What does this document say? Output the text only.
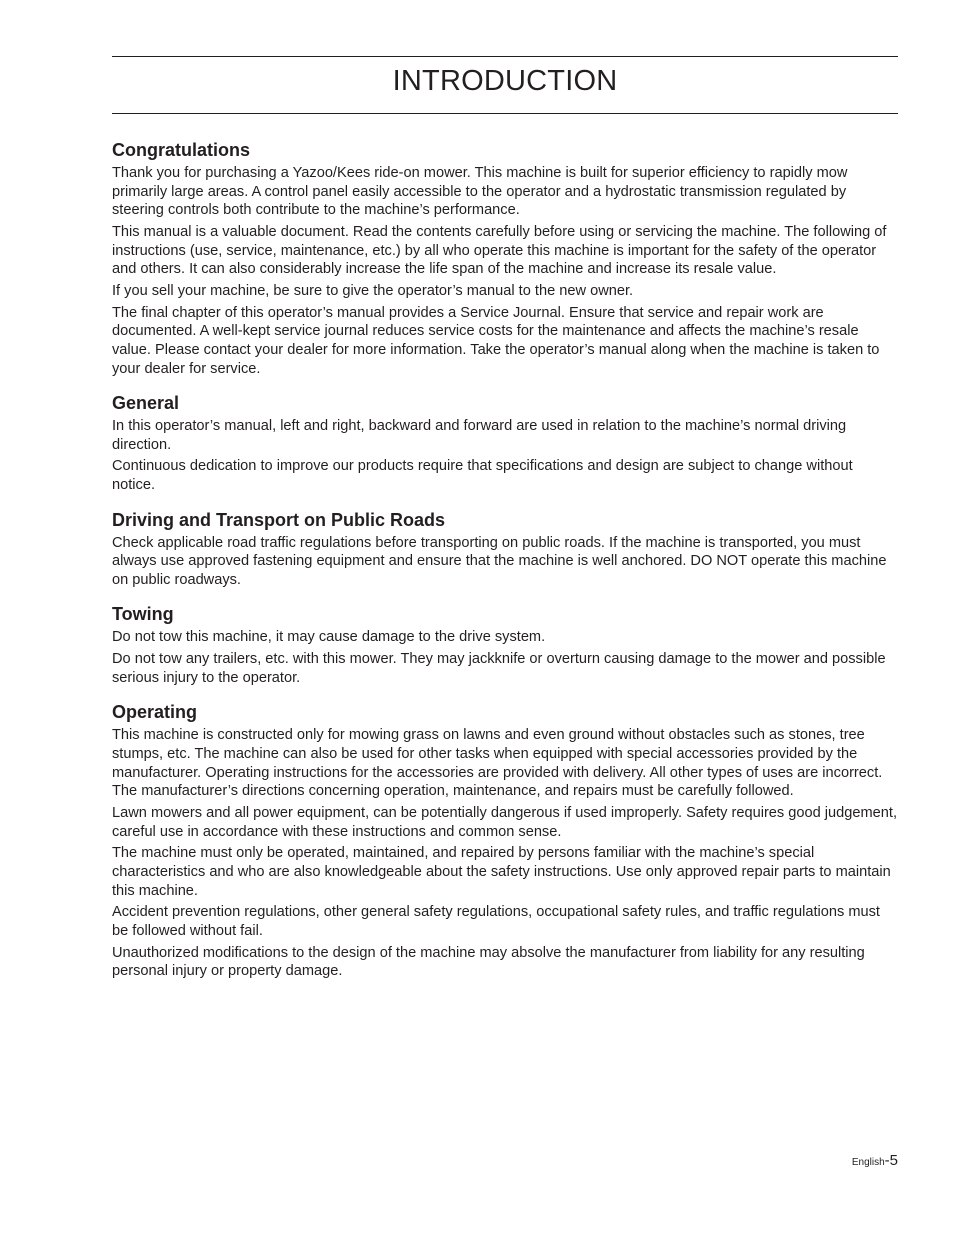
INTRODUCTION
Congratulations

Thank you for purchasing a Yazoo/Kees ride-on mower. This machine is built for superior efficiency to rapidly mow primarily large areas. A control panel easily accessible to the operator and a hydrostatic transmission regulated by steering controls both contribute to the machine’s performance.

This manual is a valuable document. Read the contents carefully before using or servicing the machine. The following of instructions (use, service, maintenance, etc.) by all who operate this machine is important for the safety of the operator and others. It can also considerably increase the life span of the machine and increase its resale value.

If you sell your machine, be sure to give the operator’s manual to the new owner.

The final chapter of this operator’s manual provides a Service Journal. Ensure that service and repair work are documented. A well-kept service journal reduces service costs for the maintenance and affects the machine’s resale value. Please contact your dealer for more information. Take the operator’s manual along when the machine is taken to your dealer for service.

General

In this operator’s manual, left and right, backward and forward are used in relation to the machine’s normal driving direction.

Continuous dedication to improve our products require that specifications and design are subject to change without notice.

Driving and Transport on Public Roads

Check applicable road traffic regulations before transporting on public roads. If the machine is transported, you must always use approved fastening equipment and ensure that the machine is well anchored. DO NOT operate this machine on public roadways.

Towing

Do not tow this machine, it may cause damage to the drive system.

Do not tow any trailers, etc. with this mower. They may jackknife or overturn causing damage to the mower and possible serious injury to the operator.

Operating

This machine is constructed only for mowing grass on lawns and even ground without obstacles such as stones, tree stumps, etc. The machine can also be used for other tasks when equipped with special accessories provided by the manufacturer. Operating instructions for the accessories are provided with delivery. All other types of uses are incorrect. The manufacturer’s directions concerning operation, maintenance, and repairs must be carefully followed.

Lawn mowers and all power equipment, can be potentially dangerous if used improperly. Safety requires good judgement, careful use in accordance with these instructions and common sense.

The machine must only be operated, maintained, and repaired by persons familiar with the machine’s special characteristics and who are also knowledgeable about the safety instructions. Use only approved repair parts to maintain this machine.

Accident prevention regulations, other general safety regulations, occupational safety rules, and traffic regulations must be followed without fail.

Unauthorized modifications to the design of the machine may absolve the manufacturer from liability for any resulting personal injury or property damage.

English-5
